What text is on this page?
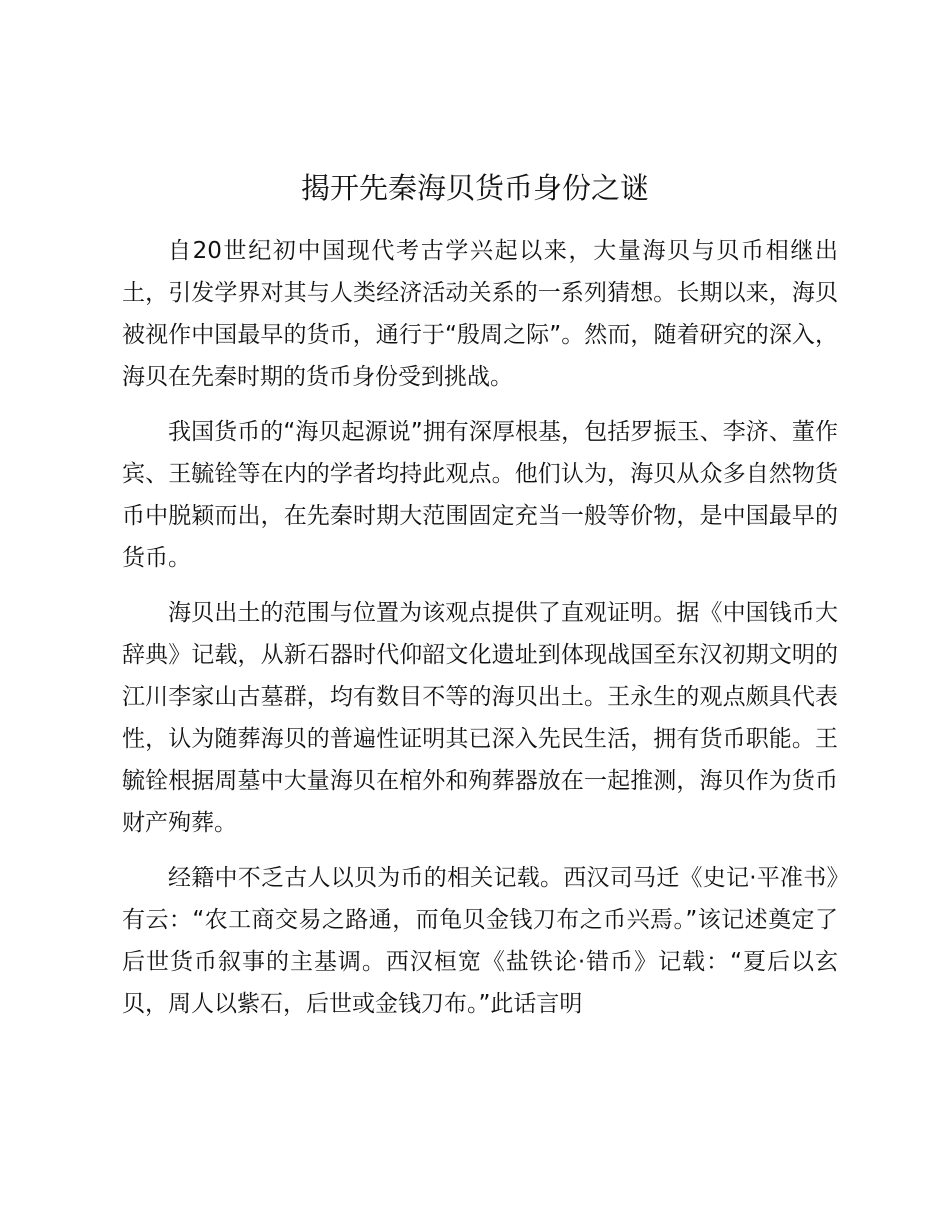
揭开先秦海贝货币身份之谜

自20世纪初中国现代考古学兴起以来，大量海贝与贝币相继出土，引发学界对其与人类经济活动关系的一系列猜想。长期以来，海贝被视作中国最早的货币，通行于“殷周之际”。然而，随着研究的深入，海贝在先秦时期的货币身份受到挑战。

我国货币的“海贝起源说”拥有深厚根基，包括罗振玉、李济、董作宾、王毓铨等在内的学者均持此观点。他们认为，海贝从众多自然物货币中脱颖而出，在先秦时期大范围固定充当一般等价物，是中国最早的货币。

海贝出土的范围与位置为该观点提供了直观证明。据《中国钱币大辞典》记载，从新石器时代仰韶文化遗址到体现战国至东汉初期文明的江川李家山古墓群，均有数目不等的海贝出土。王永生的观点颇具代表性，认为随葬海贝的普遍性证明其已深入先民生活，拥有货币职能。王毓铨根据周墓中大量海贝在棺外和殉葬器放在一起推测，海贝作为货币财产殉葬。

经籍中不乏古人以贝为币的相关记载。西汉司马迁《史记·平准书》有云：“农工商交易之路通，而龟贝金钱刀布之币兴焉。”该记述奠定了后世货币叙事的主基调。西汉桓宽《盐铁论·错币》记载：“夏后以玄贝，周人以紫石，后世或金钱刀布。”此话言明
